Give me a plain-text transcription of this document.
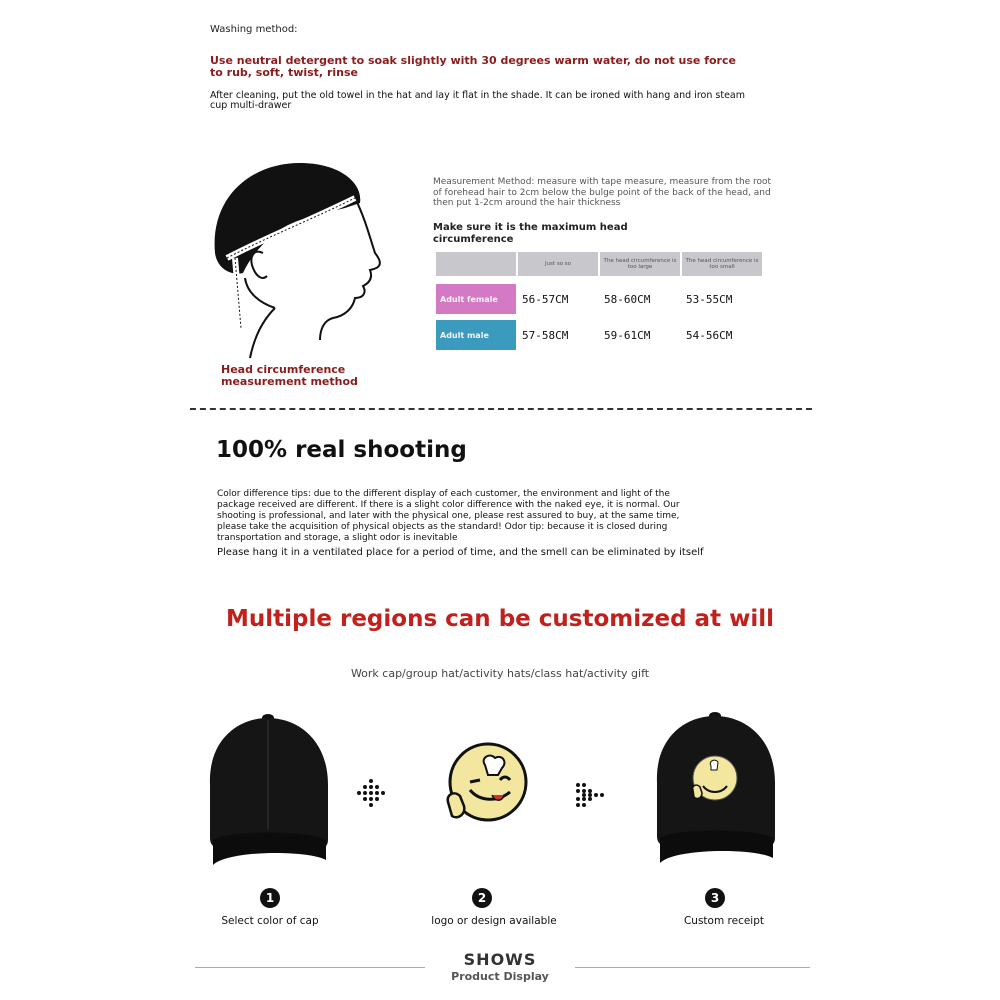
Washing method:
Use neutral detergent to soak slightly with 30 degrees warm water, do not use force to rub, soft, twist, rinse
After cleaning, put the old towel in the hat and lay it flat in the shade. It can be ironed with hang and iron steam cup multi-drawer
Head circumference measurement method
Measurement Method: measure with tape measure, measure from the root of forehead hair to 2cm below the bulge point of the back of the head, and then put 1-2cm around the hair thickness
Make sure it is the maximum head circumference
	Just so so	The head circumference is too large	The head circumference is too small

Adult female	56-57CM	58-60CM	53-55CM

Adult male	57-58CM	59-61CM	54-56CM
100% real shooting
Color difference tips: due to the different display of each customer, the environment and light of the package received are different. If there is a slight color difference with the naked eye, it is normal. Our shooting is professional, and later with the physical one, please rest assured to buy, at the same time, please take the acquisition of physical objects as the standard! Odor tip: because it is closed during transportation and storage, a slight odor is inevitable
Please hang it in a ventilated place for a period of time, and the smell can be eliminated by itself
Multiple regions can be customized at will
Work cap/group hat/activity hats/class hat/activity gift
1
Select color of cap
2
logo or design available
3
Custom receipt
SHOWS
Product Display
